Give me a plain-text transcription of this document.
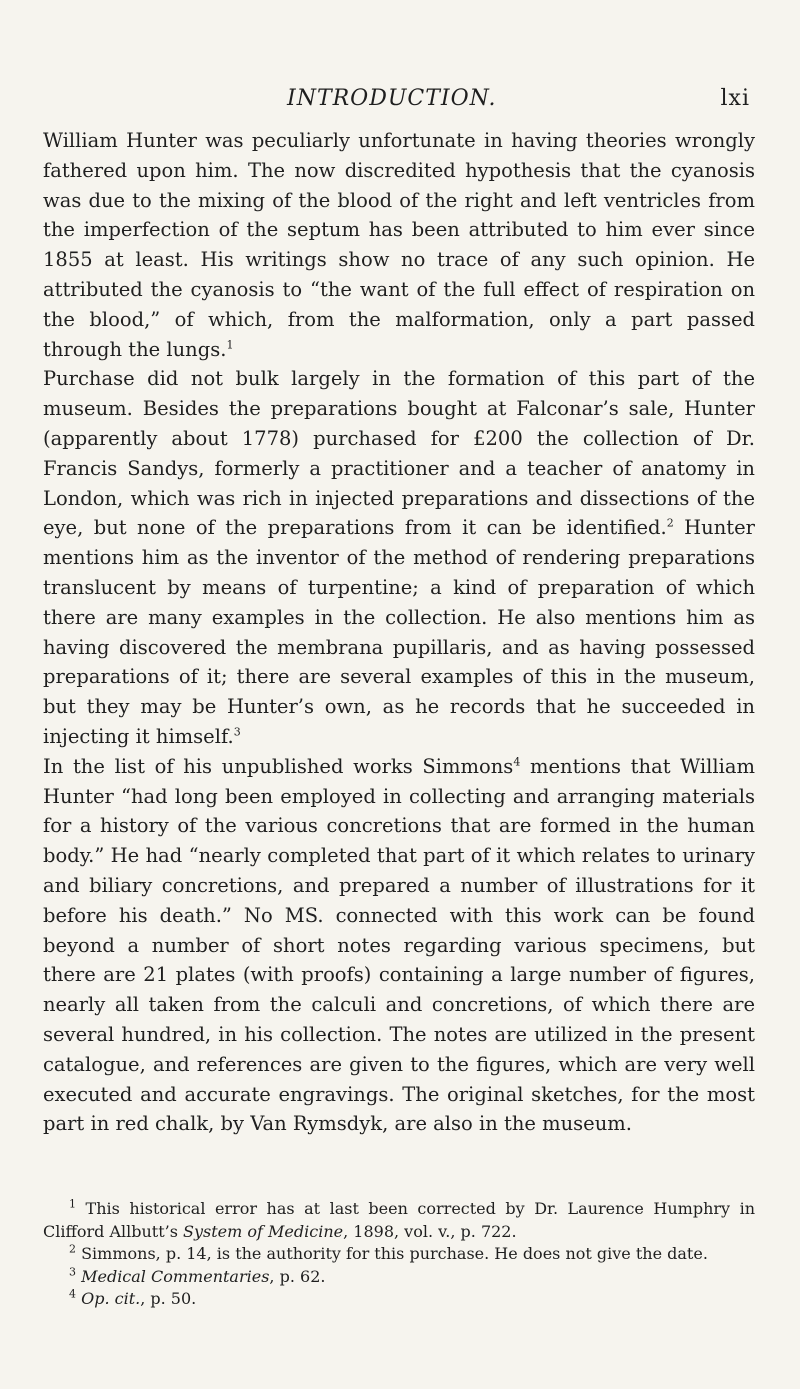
INTRODUCTION.	lxi

William Hunter was peculiarly unfortunate in having theories wrongly fathered upon him. The now discredited hypothesis that the cyanosis was due to the mixing of the blood of the right and left ventricles from the imperfection of the septum has been attributed to him ever since 1855 at least. His writings show no trace of any such opinion. He attributed the cyanosis to “the want of the full effect of respiration on the blood,” of which, from the malformation, only a part passed through the lungs.$^1$

Purchase did not bulk largely in the formation of this part of the museum. Besides the preparations bought at Falconar’s sale, Hunter (apparently about 1778) purchased for £200 the collection of Dr. Francis Sandys, formerly a practitioner and a teacher of anatomy in London, which was rich in injected preparations and dissections of the eye, but none of the preparations from it can be identified.$^2$ Hunter mentions him as the inventor of the method of rendering preparations translucent by means of turpentine; a kind of preparation of which there are many examples in the collection. He also mentions him as having discovered the membrana pupillaris, and as having possessed preparations of it; there are several examples of this in the museum, but they may be Hunter’s own, as he records that he succeeded in injecting it himself.$^3$

In the list of his unpublished works Simmons$^4$ mentions that William Hunter “had long been employed in collecting and arranging materials for a history of the various concretions that are formed in the human body.” He had “nearly completed that part of it which relates to urinary and biliary concretions, and prepared a number of illustrations for it before his death.” No MS. connected with this work can be found beyond a number of short notes regarding various specimens, but there are 21 plates (with proofs) containing a large number of figures, nearly all taken from the calculi and concretions, of which there are several hundred, in his collection. The notes are utilized in the present catalogue, and references are given to the figures, which are very well executed and accurate engravings. The original sketches, for the most part in red chalk, by Van Rymsdyk, are also in the museum.

$^1$ This historical error has at last been corrected by Dr. Laurence Humphry in Clifford Allbutt’s System of Medicine, 1898, vol. v., p. 722.

$^2$ Simmons, p. 14, is the authority for this purchase. He does not give the date.

$^3$ Medical Commentaries, p. 62.

$^4$ Op. cit., p. 50.
